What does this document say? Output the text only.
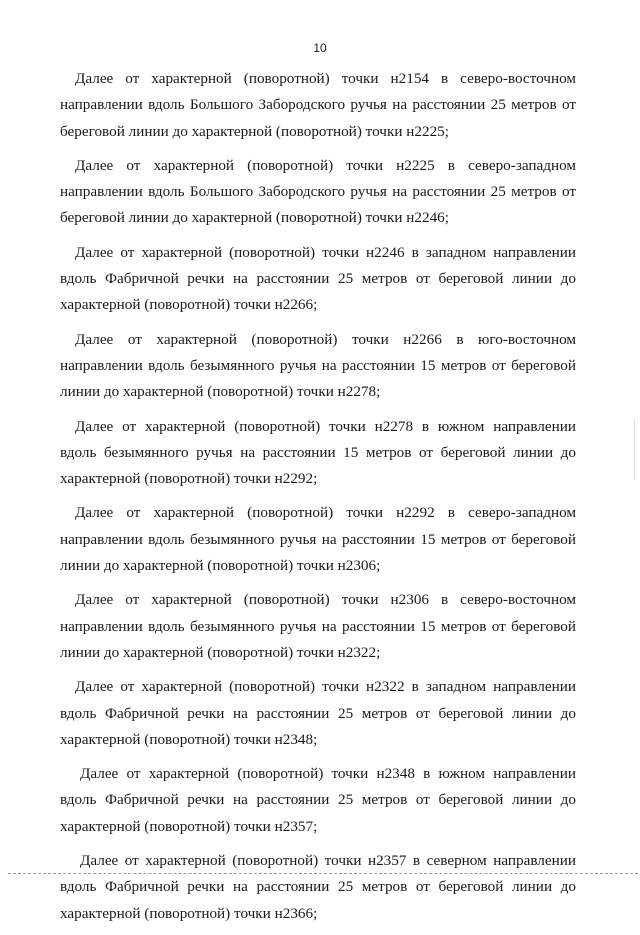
10

Далее от характерной (поворотной) точки н2154 в северо-восточном направлении вдоль Большого Забородского ручья на расстоянии 25 метров от береговой линии до характерной (поворотной) точки н2225;

Далее от характерной (поворотной) точки н2225 в северо-западном направлении вдоль Большого Забородского ручья на расстоянии 25 метров от береговой линии до характерной (поворотной) точки н2246;

Далее от характерной (поворотной) точки н2246 в западном направлении вдоль Фабричной речки на расстоянии 25 метров от береговой линии до характерной (поворотной) точки н2266;

Далее от характерной (поворотной) точки н2266 в юго-восточном направлении вдоль безымянного ручья на расстоянии 15 метров от береговой линии до характерной (поворотной) точки н2278;

Далее от характерной (поворотной) точки н2278 в южном направлении вдоль безымянного ручья на расстоянии 15 метров от береговой линии до характерной (поворотной) точки н2292;

Далее от характерной (поворотной) точки н2292 в северо-западном направлении вдоль безымянного ручья на расстоянии 15 метров от береговой линии до характерной (поворотной) точки н2306;

Далее от характерной (поворотной) точки н2306 в северо-восточном направлении вдоль безымянного ручья на расстоянии 15 метров от береговой линии до характерной (поворотной) точки н2322;

Далее от характерной (поворотной) точки н2322 в западном направлении вдоль Фабричной речки на расстоянии 25 метров от береговой линии до характерной (поворотной) точки н2348;

Далее от характерной (поворотной) точки н2348 в южном направлении вдоль Фабричной речки на расстоянии 25 метров от береговой линии до характерной (поворотной) точки н2357;

Далее от характерной (поворотной) точки н2357 в северном направлении вдоль Фабричной речки на расстоянии 25 метров от береговой линии до характерной (поворотной) точки н2366;
